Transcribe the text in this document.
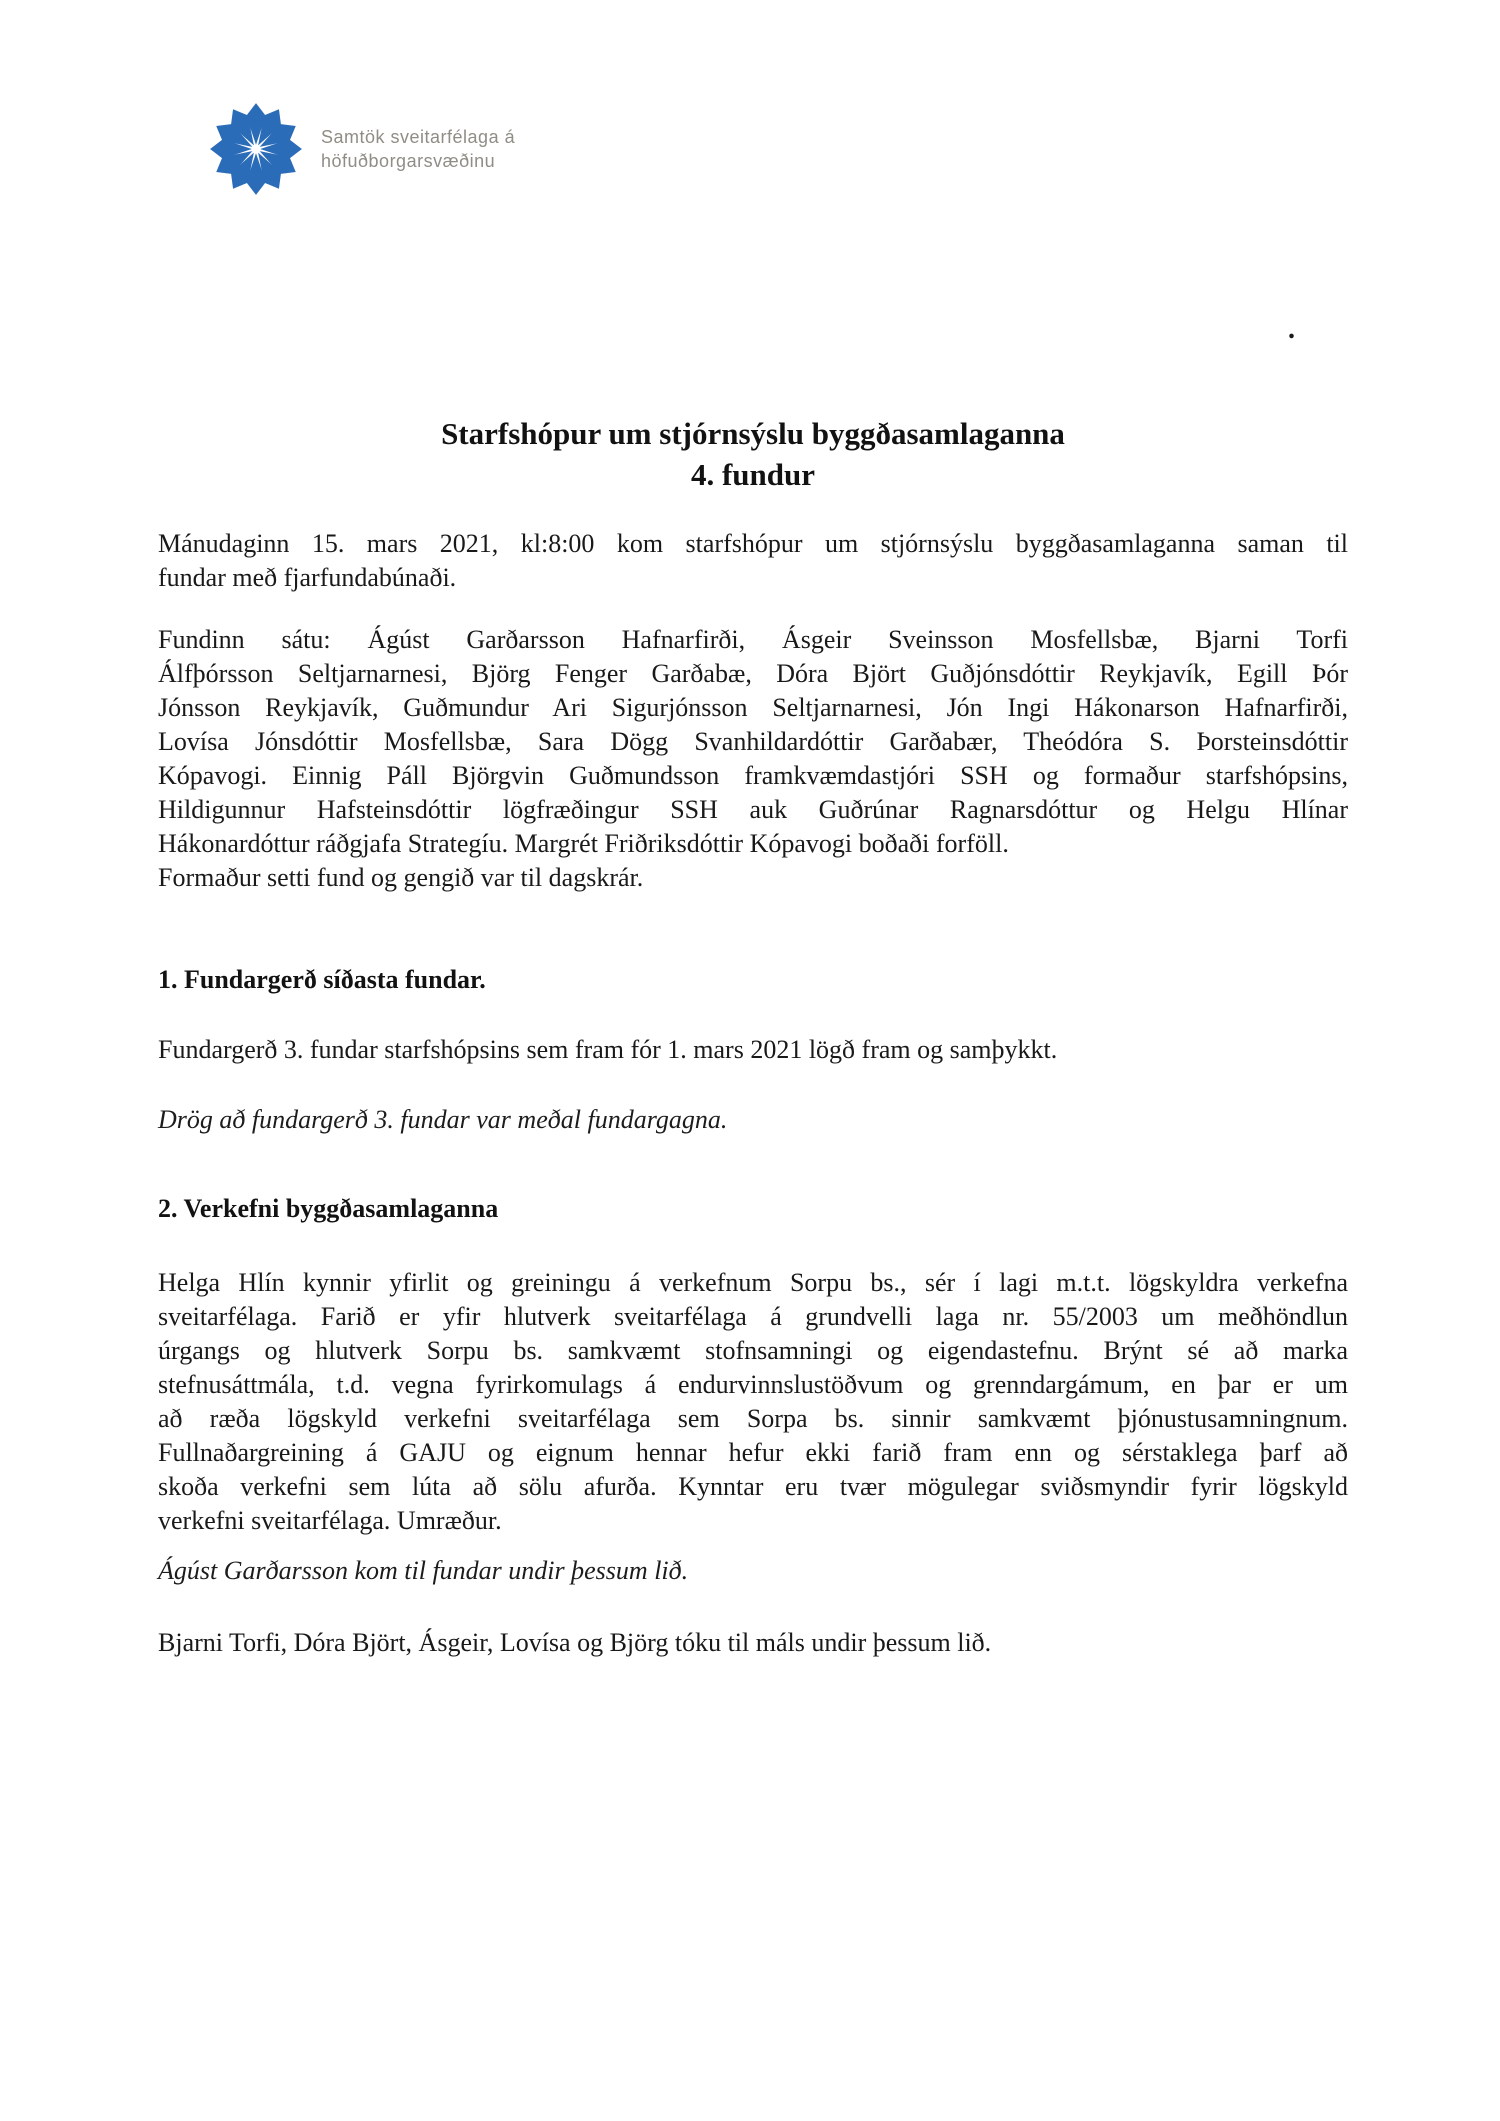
Samtök sveitarfélaga á
höfuðborgarsvæðinu
.
Starfshópur um stjórnsýslu byggðasamlaganna
4. fundur
Mánudaginn 15. mars 2021, kl:8:00 kom starfshópur um stjórnsýslu byggðasamlaganna saman til
fundar með fjarfundabúnaði.
Fundinn sátu: Ágúst Garðarsson Hafnarfirði, Ásgeir Sveinsson Mosfellsbæ, Bjarni Torfi
Álfþórsson Seltjarnarnesi, Björg Fenger Garðabæ, Dóra Björt Guðjónsdóttir Reykjavík, Egill Þór
Jónsson Reykjavík, Guðmundur Ari Sigurjónsson Seltjarnarnesi, Jón Ingi Hákonarson Hafnarfirði,
Lovísa Jónsdóttir Mosfellsbæ, Sara Dögg Svanhildardóttir Garðabær, Theódóra S. Þorsteinsdóttir
Kópavogi. Einnig Páll Björgvin Guðmundsson framkvæmdastjóri SSH og formaður starfshópsins,
Hildigunnur Hafsteinsdóttir lögfræðingur SSH auk Guðrúnar Ragnarsdóttur og Helgu Hlínar
Hákonardóttur ráðgjafa Strategíu. Margrét Friðriksdóttir Kópavogi boðaði forföll.
Formaður setti fund og gengið var til dagskrár.
1. Fundargerð síðasta fundar.
Fundargerð 3. fundar starfshópsins sem fram fór 1. mars 2021 lögð fram og samþykkt.
Drög að fundargerð 3. fundar var meðal fundargagna.
2. Verkefni byggðasamlaganna
Helga Hlín kynnir yfirlit og greiningu á verkefnum Sorpu bs., sér í lagi m.t.t. lögskyldra verkefna
sveitarfélaga. Farið er yfir hlutverk sveitarfélaga á grundvelli laga nr. 55/2003 um meðhöndlun
úrgangs og hlutverk Sorpu bs. samkvæmt stofnsamningi og eigendastefnu. Brýnt sé að marka
stefnusáttmála, t.d. vegna fyrirkomulags á endurvinnslustöðvum og grenndargámum, en þar er um
að ræða lögskyld verkefni sveitarfélaga sem Sorpa bs. sinnir samkvæmt þjónustusamningnum.
Fullnaðargreining á GAJU og eignum hennar hefur ekki farið fram enn og sérstaklega þarf að
skoða verkefni sem lúta að sölu afurða. Kynntar eru tvær mögulegar sviðsmyndir fyrir lögskyld
verkefni sveitarfélaga. Umræður.
Ágúst Garðarsson kom til fundar undir þessum lið.
Bjarni Torfi, Dóra Björt, Ásgeir, Lovísa og Björg tóku til máls undir þessum lið.
